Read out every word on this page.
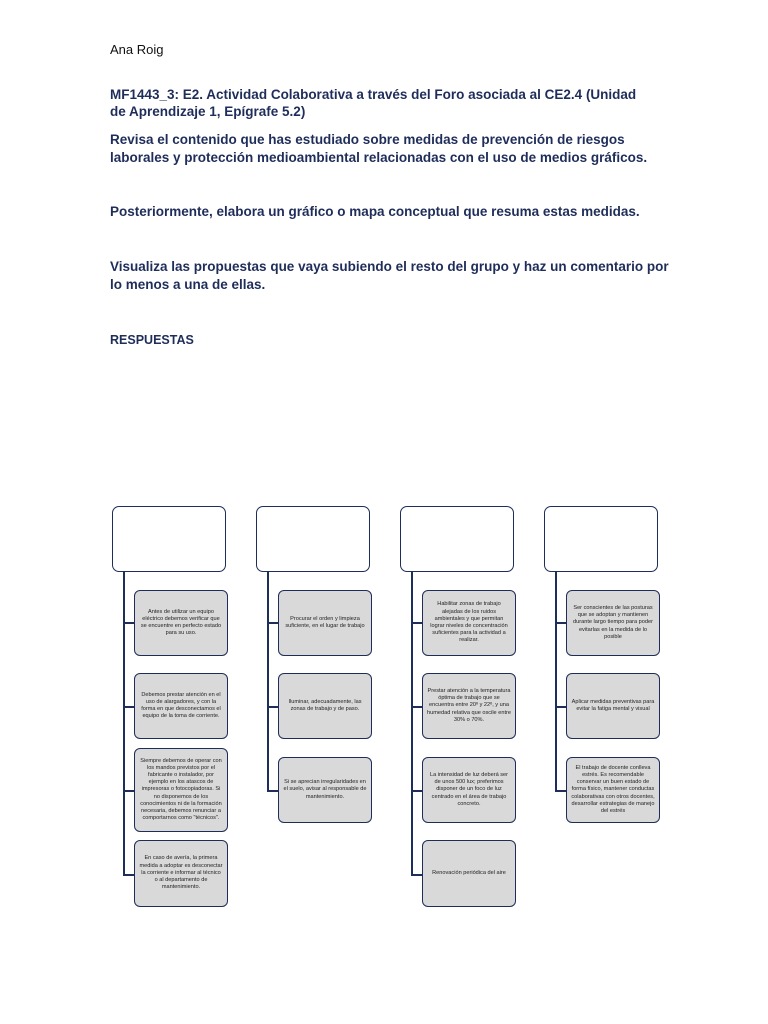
Ana Roig
MF1443_3: E2. Actividad Colaborativa a través del Foro asociada al CE2.4 (Unidad de Aprendizaje 1, Epígrafe 5.2)
Revisa el contenido que has estudiado sobre medidas de prevención de riesgos laborales y protección medioambiental relacionadas con el uso de medios gráficos.
Posteriormente, elabora un gráfico o mapa conceptual que resuma estas medidas.
Visualiza las propuestas que vaya subiendo el resto del grupo y haz un comentario por lo menos a una de ellas.
RESPUESTAS
Antes de utilizar un equipo eléctrico debemos verificar que se encuentre en perfecto estado para su uso.
Debemos prestar atención en el uso de alargadores, y con la forma en que desconectamos el equipo de la toma de corriente.
Siempre debemos de operar con los mandos previstos por el fabricante o instalador, por ejemplo en los atascos de impresoras o fotocopiadoras. Si no disponemos de los conocimientos ni de la formación necesaria, debemos renunciar a comportarnos como "técnicos".
En caso de avería, la primera medida a adoptar es desconectar la corriente e informar al técnico o al departamento de mantenimiento.
Procurar el orden y limpieza suficiente, en el lugar de trabajo
Iluminar, adecuadamente, las zonas de trabajo y de paso.
Si se aprecian irregularidades en el suelo, avisar al responsable de mantenimiento.
Habilitar zonas de trabajo alejadas de los ruidos ambientales y que permitan lograr niveles de concentración suficientes para la actividad a realizar.
Prestar atención a la temperatura óptima de trabajo que se encuentra entre 20º y 22º, y una humedad relativa que oscile entre 30% o 70%.
La intensidad de luz deberá ser de unos 500 lux; preferimos disponer de un foco de luz centrado en el área de trabajo concreto.
Renovación periódica del aire
Ser conscientes de las posturas que se adoptan y mantienen durante largo tiempo para poder evitarlas en la medida de lo posible
Aplicar medidas preventivas para evitar la fatiga mental y visual
El trabajo de docente conlleva estrés. Es recomendable conservar un buen estado de forma físico, mantener conductas colaborativas con otros docentes, desarrollar estrategias de manejo del estrés
